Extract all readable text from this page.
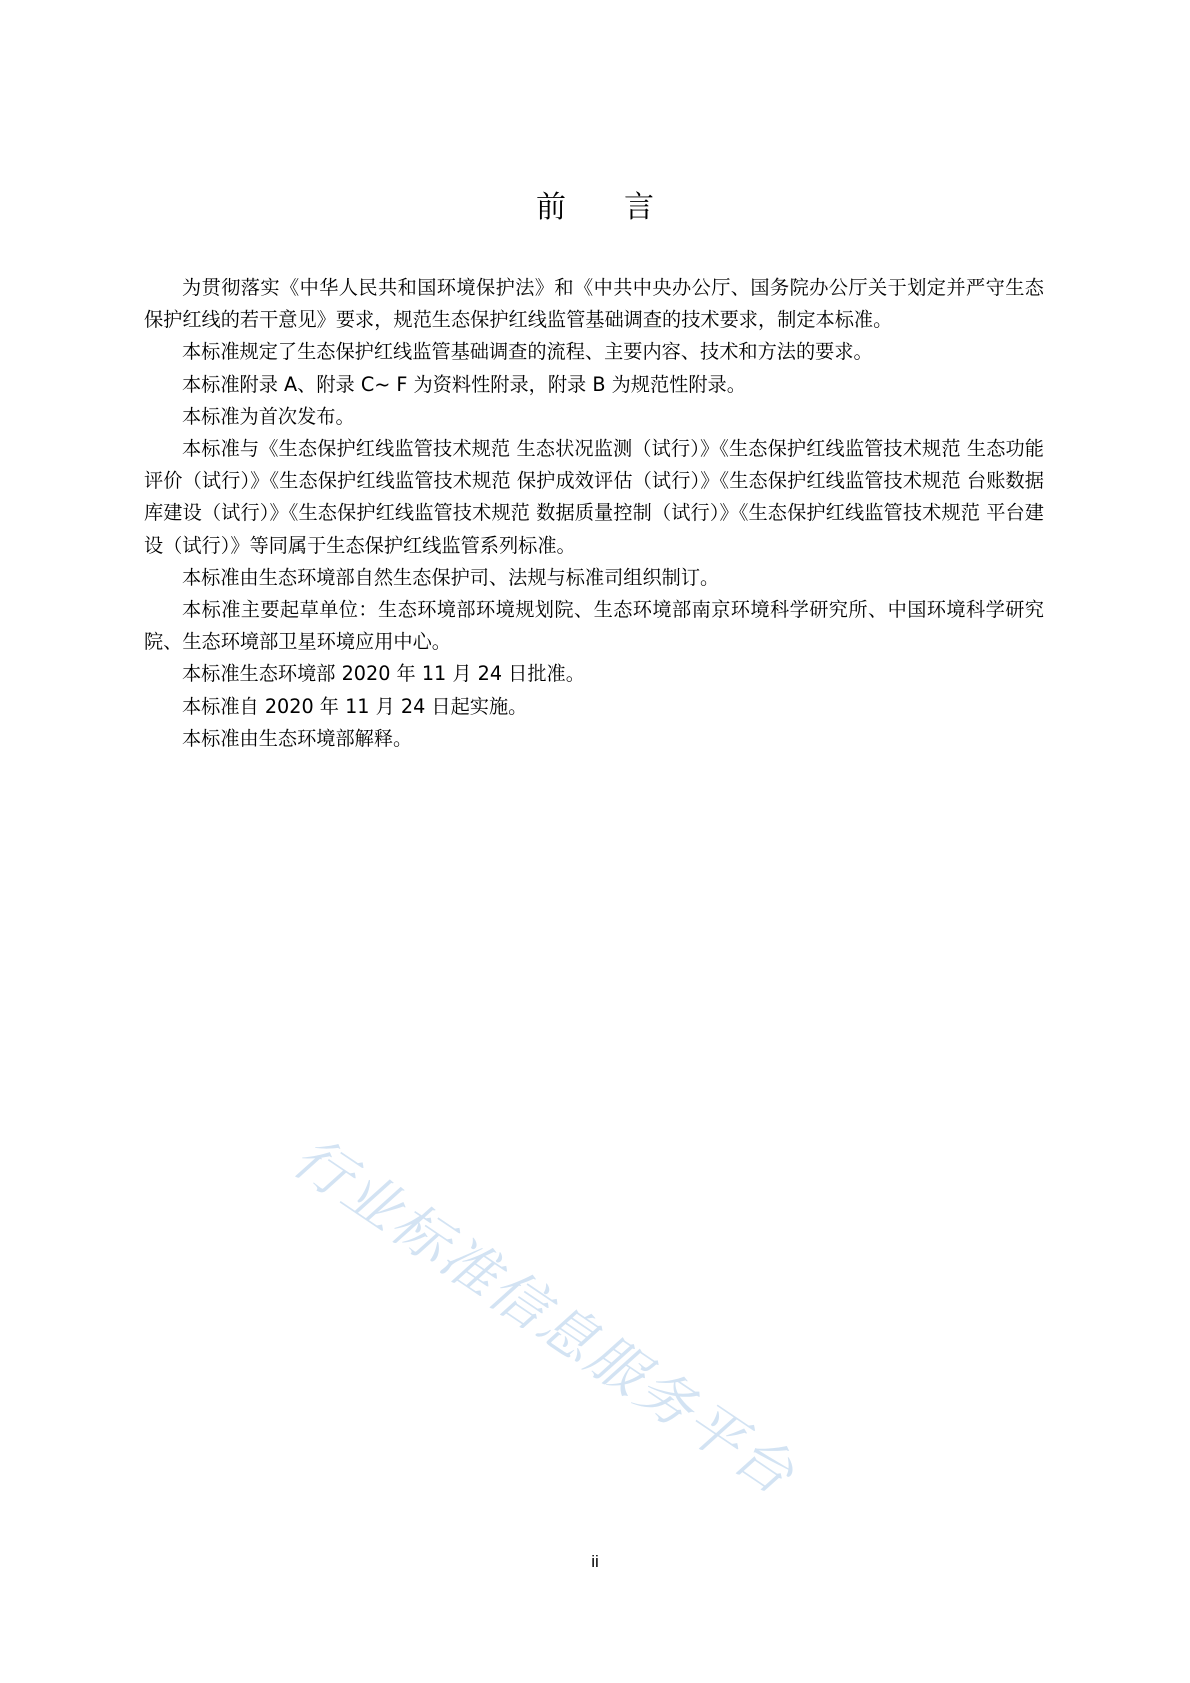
前言

为贯彻落实《中华人民共和国环境保护法》和《中共中央办公厅、国务院办公厅关于划定并严守生态保护红线的若干意见》要求，规范生态保护红线监管基础调查的技术要求，制定本标准。

本标准规定了生态保护红线监管基础调查的流程、主要内容、技术和方法的要求。

本标准附录 A、附录 C~ F 为资料性附录，附录 B 为规范性附录。

本标准为首次发布。

本标准与《生态保护红线监管技术规范 生态状况监测（试行）》《生态保护红线监管技术规范 生态功能评价（试行）》《生态保护红线监管技术规范 保护成效评估（试行）》《生态保护红线监管技术规范 台账数据库建设（试行）》《生态保护红线监管技术规范 数据质量控制（试行）》《生态保护红线监管技术规范 平台建设（试行）》等同属于生态保护红线监管系列标准。

本标准由生态环境部自然生态保护司、法规与标准司组织制订。

本标准主要起草单位：生态环境部环境规划院、生态环境部南京环境科学研究所、中国环境科学研究院、生态环境部卫星环境应用中心。

本标准生态环境部 2020 年 11 月 24 日批准。

本标准自 2020 年 11 月 24 日起实施。

本标准由生态环境部解释。

行业标准信息服务平台
ii
